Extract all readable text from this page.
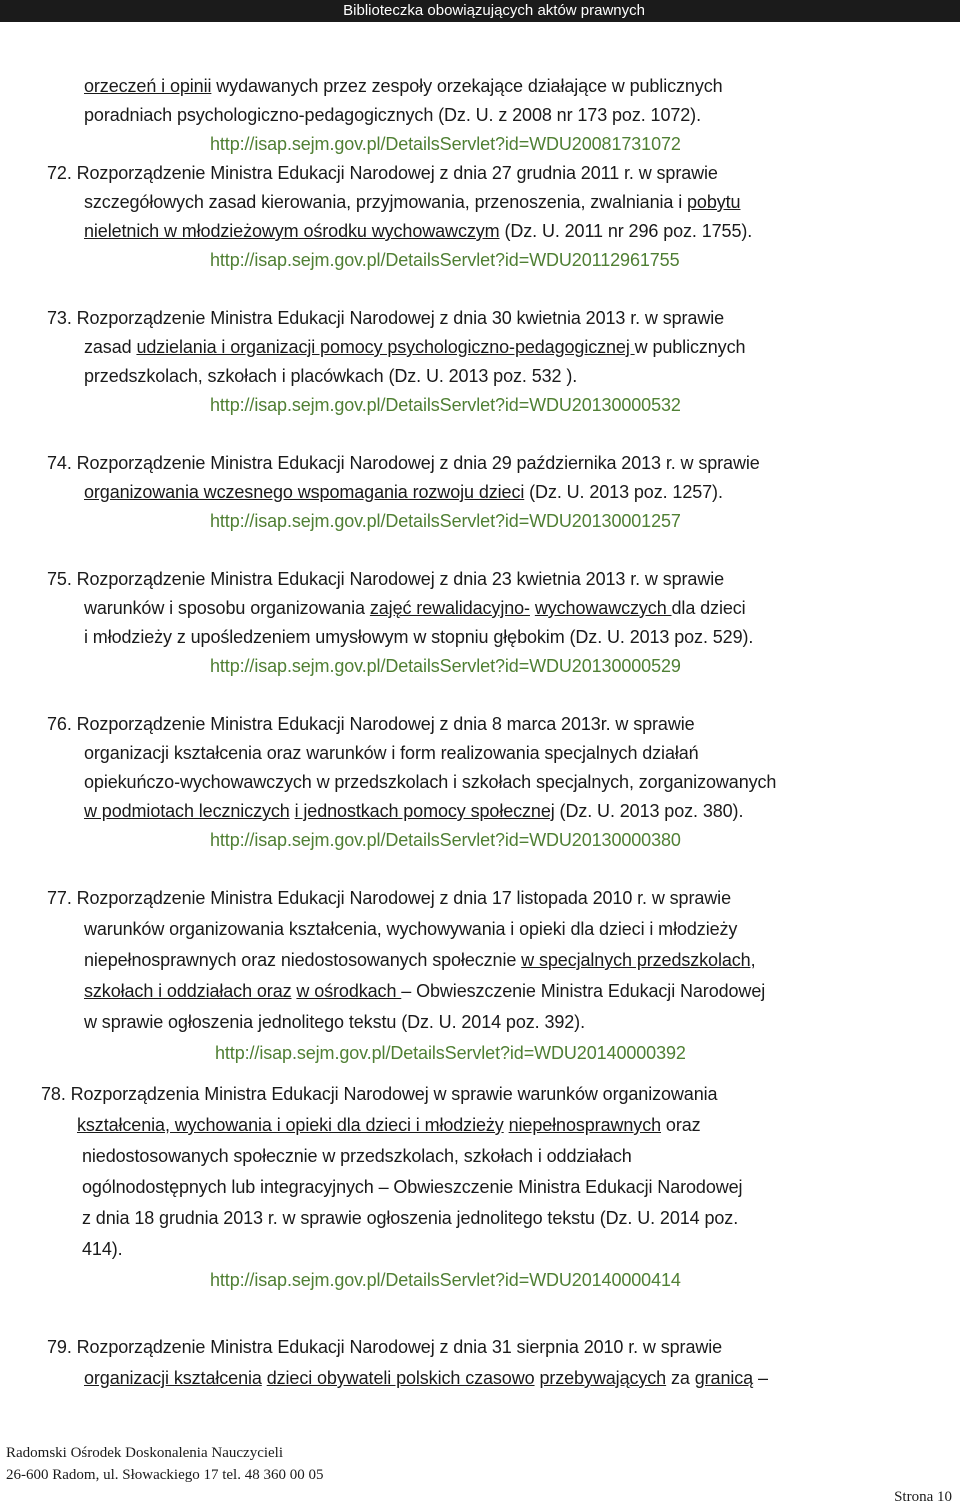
Biblioteczka obowiązujących aktów prawnych
orzeczeń i opinii wydawanych przez zespoły orzekające działające w publicznych
poradniach psychologiczno-pedagogicznych (Dz. U. z 2008 nr 173 poz. 1072).
http://isap.sejm.gov.pl/DetailsServlet?id=WDU20081731072
72. Rozporządzenie Ministra Edukacji Narodowej z dnia 27 grudnia 2011 r. w sprawie
szczegółowych zasad kierowania, przyjmowania, przenoszenia, zwalniania i pobytu
nieletnich w młodzieżowym ośrodku wychowawczym (Dz. U. 2011 nr 296 poz. 1755).
http://isap.sejm.gov.pl/DetailsServlet?id=WDU20112961755
73. Rozporządzenie Ministra Edukacji Narodowej z dnia 30 kwietnia 2013 r. w sprawie
zasad udzielania i organizacji pomocy psychologiczno-pedagogicznej w publicznych
przedszkolach, szkołach i placówkach (Dz. U. 2013 poz. 532 ).
http://isap.sejm.gov.pl/DetailsServlet?id=WDU20130000532
74. Rozporządzenie Ministra Edukacji Narodowej z dnia 29 października 2013 r. w sprawie
organizowania wczesnego wspomagania rozwoju dzieci (Dz. U. 2013 poz. 1257).
http://isap.sejm.gov.pl/DetailsServlet?id=WDU20130001257
75. Rozporządzenie Ministra Edukacji Narodowej z dnia 23 kwietnia 2013 r. w sprawie
warunków i sposobu organizowania zajęć rewalidacyjno- wychowawczych dla dzieci
i młodzieży z upośledzeniem umysłowym w stopniu głębokim (Dz. U. 2013 poz. 529).
http://isap.sejm.gov.pl/DetailsServlet?id=WDU20130000529
76. Rozporządzenie Ministra Edukacji Narodowej z dnia 8 marca 2013r. w sprawie
organizacji kształcenia oraz warunków i form realizowania specjalnych działań
opiekuńczo-wychowawczych w przedszkolach i szkołach specjalnych, zorganizowanych
w podmiotach leczniczych i jednostkach pomocy społecznej (Dz. U. 2013 poz. 380).
http://isap.sejm.gov.pl/DetailsServlet?id=WDU20130000380
77. Rozporządzenie Ministra Edukacji Narodowej z dnia 17 listopada 2010 r. w sprawie
warunków organizowania kształcenia, wychowywania i opieki dla dzieci i młodzieży
niepełnosprawnych oraz niedostosowanych społecznie w specjalnych przedszkolach,
szkołach i oddziałach oraz w ośrodkach – Obwieszczenie Ministra Edukacji Narodowej
w sprawie ogłoszenia jednolitego tekstu (Dz. U. 2014 poz. 392).
http://isap.sejm.gov.pl/DetailsServlet?id=WDU20140000392
78. Rozporządzenia Ministra Edukacji Narodowej w sprawie warunków organizowania
kształcenia, wychowania i opieki dla dzieci i młodzieży niepełnosprawnych oraz
niedostosowanych społecznie w przedszkolach, szkołach i oddziałach
ogólnodostępnych lub integracyjnych – Obwieszczenie Ministra Edukacji Narodowej
z dnia 18 grudnia 2013 r. w sprawie ogłoszenia jednolitego tekstu (Dz. U. 2014 poz.
414).
http://isap.sejm.gov.pl/DetailsServlet?id=WDU20140000414
79. Rozporządzenie Ministra Edukacji Narodowej z dnia 31 sierpnia 2010 r. w sprawie
organizacji kształcenia dzieci obywateli polskich czasowo przebywających za granicą –
Radomski Ośrodek Doskonalenia Nauczycieli
26-600 Radom, ul. Słowackiego 17 tel. 48 360 00 05
Strona 10
